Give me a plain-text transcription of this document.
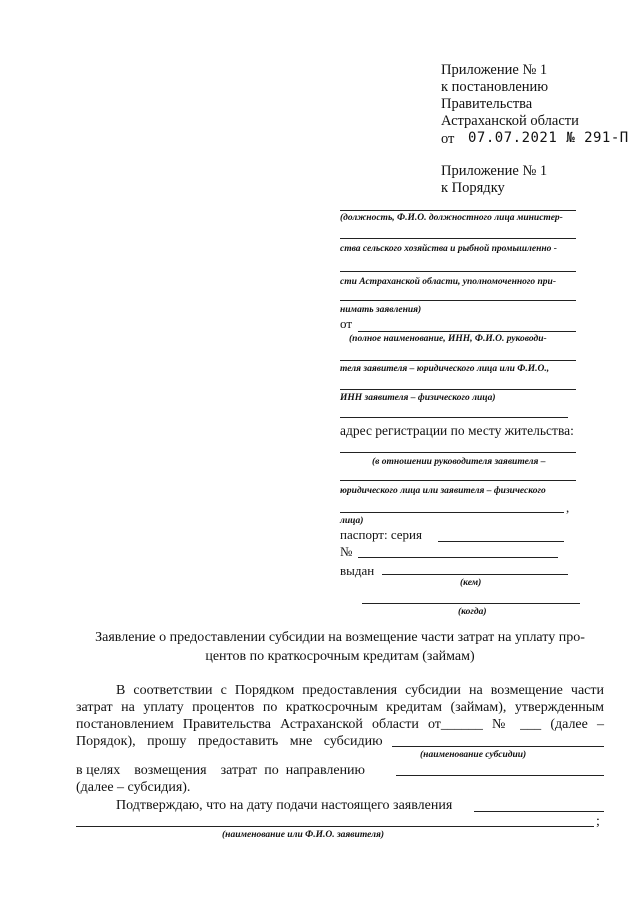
Приложение № 1
к постановлению
Правительства
Астраханской области
от 07.07.2021 № 291-П
Приложение № 1
к Порядку
(должность, Ф.И.О. должностного лица министер-
ства сельского хозяйства и рыбной промышленно -
сти Астраханской области, уполномоченного при-
нимать заявления)
от
(полное наименование, ИНН, Ф.И.О. руководи-
теля заявителя – юридического лица или Ф.И.О.,
ИНН заявителя – физического лица)
адрес регистрации по месту жительства:
(в отношении руководителя заявителя –
юридического лица или заявителя – физического
,
лица)
паспорт: серия
№
выдан
(кем)
(когда)
Заявление о предоставлении субсидии на возмещение части затрат на уплату про-
центов по краткосрочным кредитам (займам)
В соответствии с Порядком предоставления субсидии на возмещение части
затрат на уплату процентов по краткосрочным кредитам (займам), утвержденным
постановлением Правительства Астраханской области от______ № ___ (далее –
Порядок), прошу предоставить мне субсидию
(наименование субсидии)
в целях    возмещения    затрат  по  направлению
(далее – субсидия).
Подтверждаю, что на дату подачи настоящего заявления
;
(наименование или Ф.И.О. заявителя)
